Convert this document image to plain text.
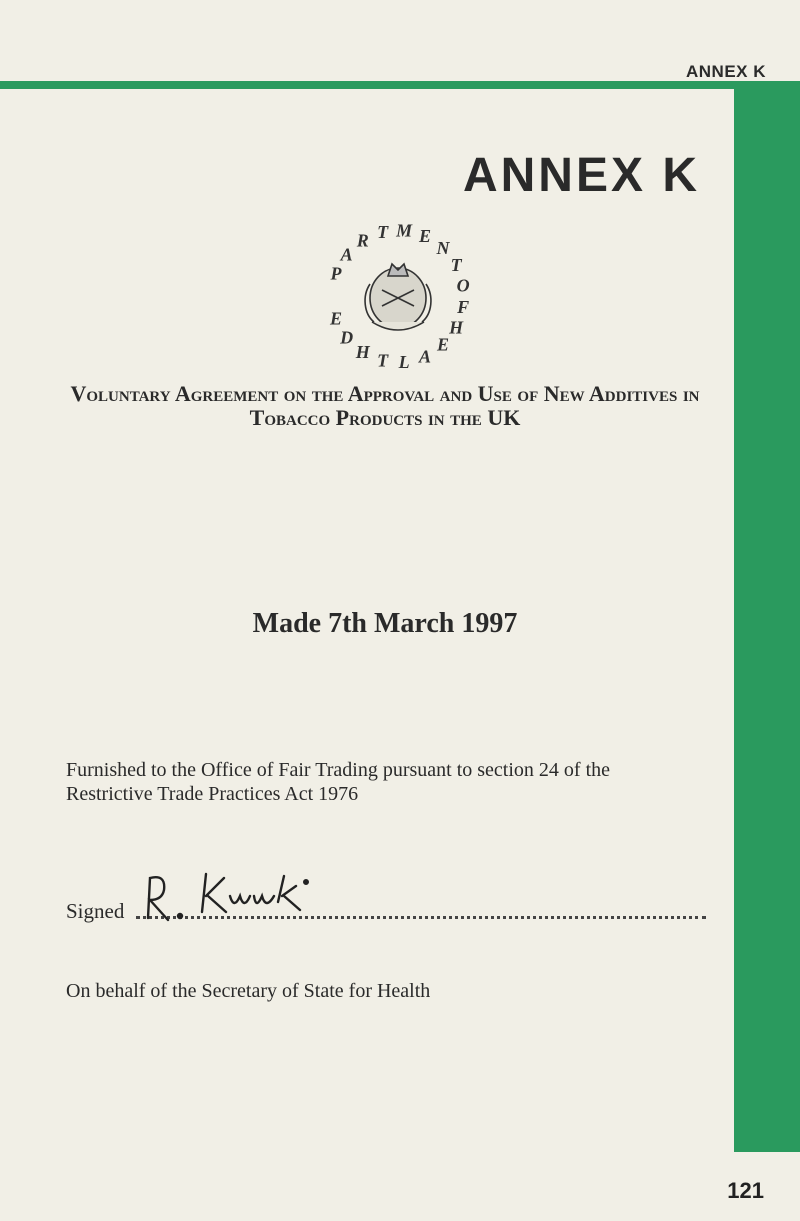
ANNEX K
ANNEX K
P
A
R T M E
N
T
O
F
H
E
A
L
T
H
D
E
Voluntary Agreement on the Approval and Use of New Additives in Tobacco Products in the UK
Made 7th March 1997
Furnished to the Office of Fair Trading pursuant to section 24 of the Restrictive Trade Practices Act 1976
Signed
On behalf of the Secretary of State for Health
121
